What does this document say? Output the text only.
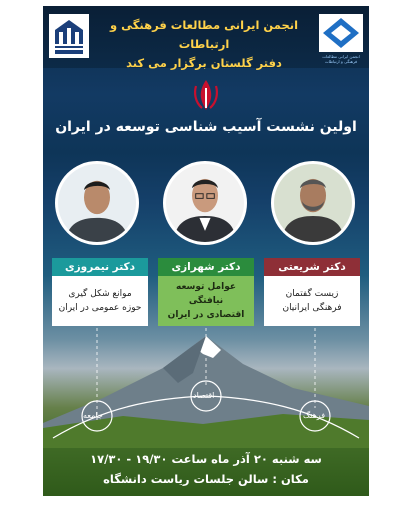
انجمن ایرانی مطالعات فرهنگی و ارتباطات
دفتر گلستان برگزار می کند	انجمن ایرانی مطالعات فرهنگی و ارتباطات
اولین نشست آسیب شناسی توسعه در ایران
دکتر نیمروزی
موانع شکل گیری
حوزه عمومی در ایران
دکتر شهرازی
عوامل توسعه نیافتگی
اقتصادی در ایران
دکتر شریعتی
زیست گفتمان
فرهنگی ایرانیان
جامعه
اقتصاد
فرهنگ
سه شنبه ۲۰ آذر ماه ساعت ۱۹/۳۰ - ۱۷/۳۰
مکان : سالن جلسات ریاست دانشگاه
